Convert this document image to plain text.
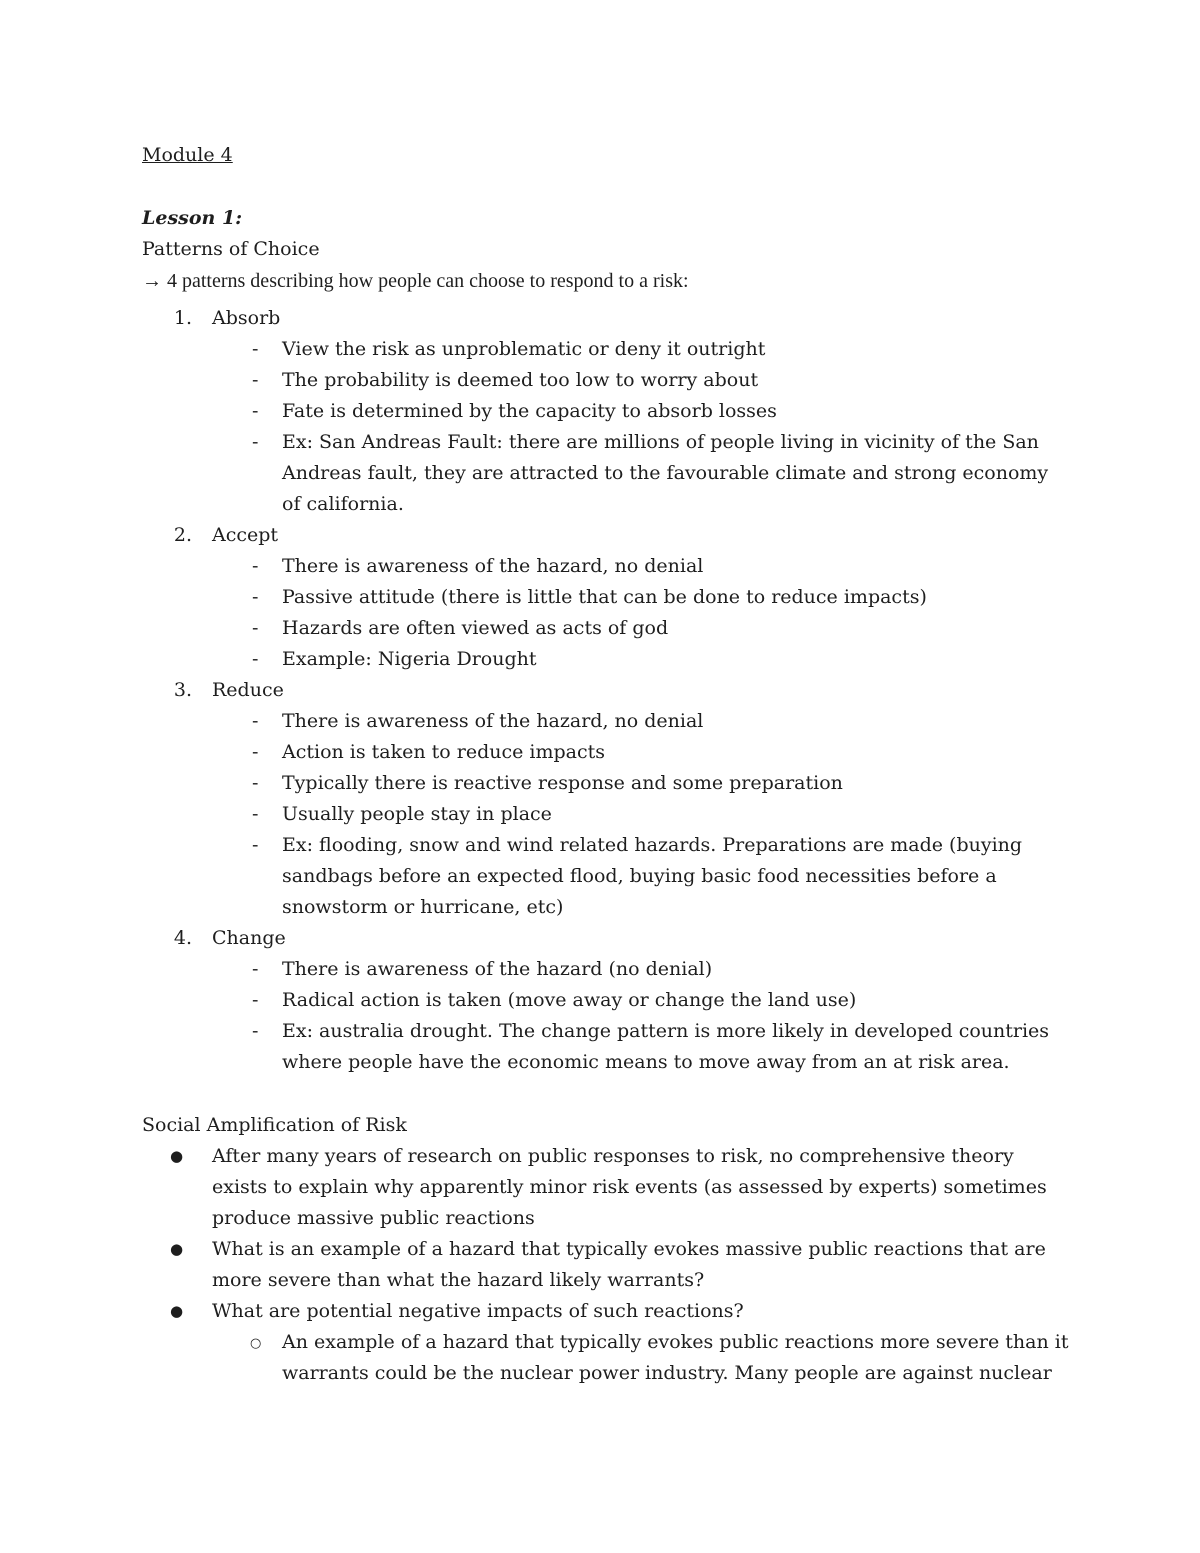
Module 4
Lesson 1:
Patterns of Choice
→ 4 patterns describing how people can choose to respond to a risk:
1. Absorb
- View the risk as unproblematic or deny it outright
- The probability is deemed too low to worry about
- Fate is determined by the capacity to absorb losses
- Ex: San Andreas Fault: there are millions of people living in vicinity of the San Andreas fault, they are attracted to the favourable climate and strong economy of california.

2. Accept
- There is awareness of the hazard, no denial
- Passive attitude (there is little that can be done to reduce impacts)
- Hazards are often viewed as acts of god
- Example: Nigeria Drought
3. Reduce
- There is awareness of the hazard, no denial
- Action is taken to reduce impacts
- Typically there is reactive response and some preparation
- Usually people stay in place
- Ex: flooding, snow and wind related hazards. Preparations are made (buying sandbags before an expected flood, buying basic food necessities before a snowstorm or hurricane, etc)

4. Change
- There is awareness of the hazard (no denial)
- Radical action is taken (move away or change the land use)
- Ex: australia drought. The change pattern is more likely in developed countries where people have the economic means to move away from an at risk area.

Social Amplification of Risk
● After many years of research on public responses to risk, no comprehensive theory exists to explain why apparently minor risk events (as assessed by experts) sometimes produce massive public reactions

● What is an example of a hazard that typically evokes massive public reactions that are more severe than what the hazard likely warrants?

● What are potential negative impacts of such reactions?

○ An example of a hazard that typically evokes public reactions more severe than it warrants could be the nuclear power industry. Many people are against nuclear
